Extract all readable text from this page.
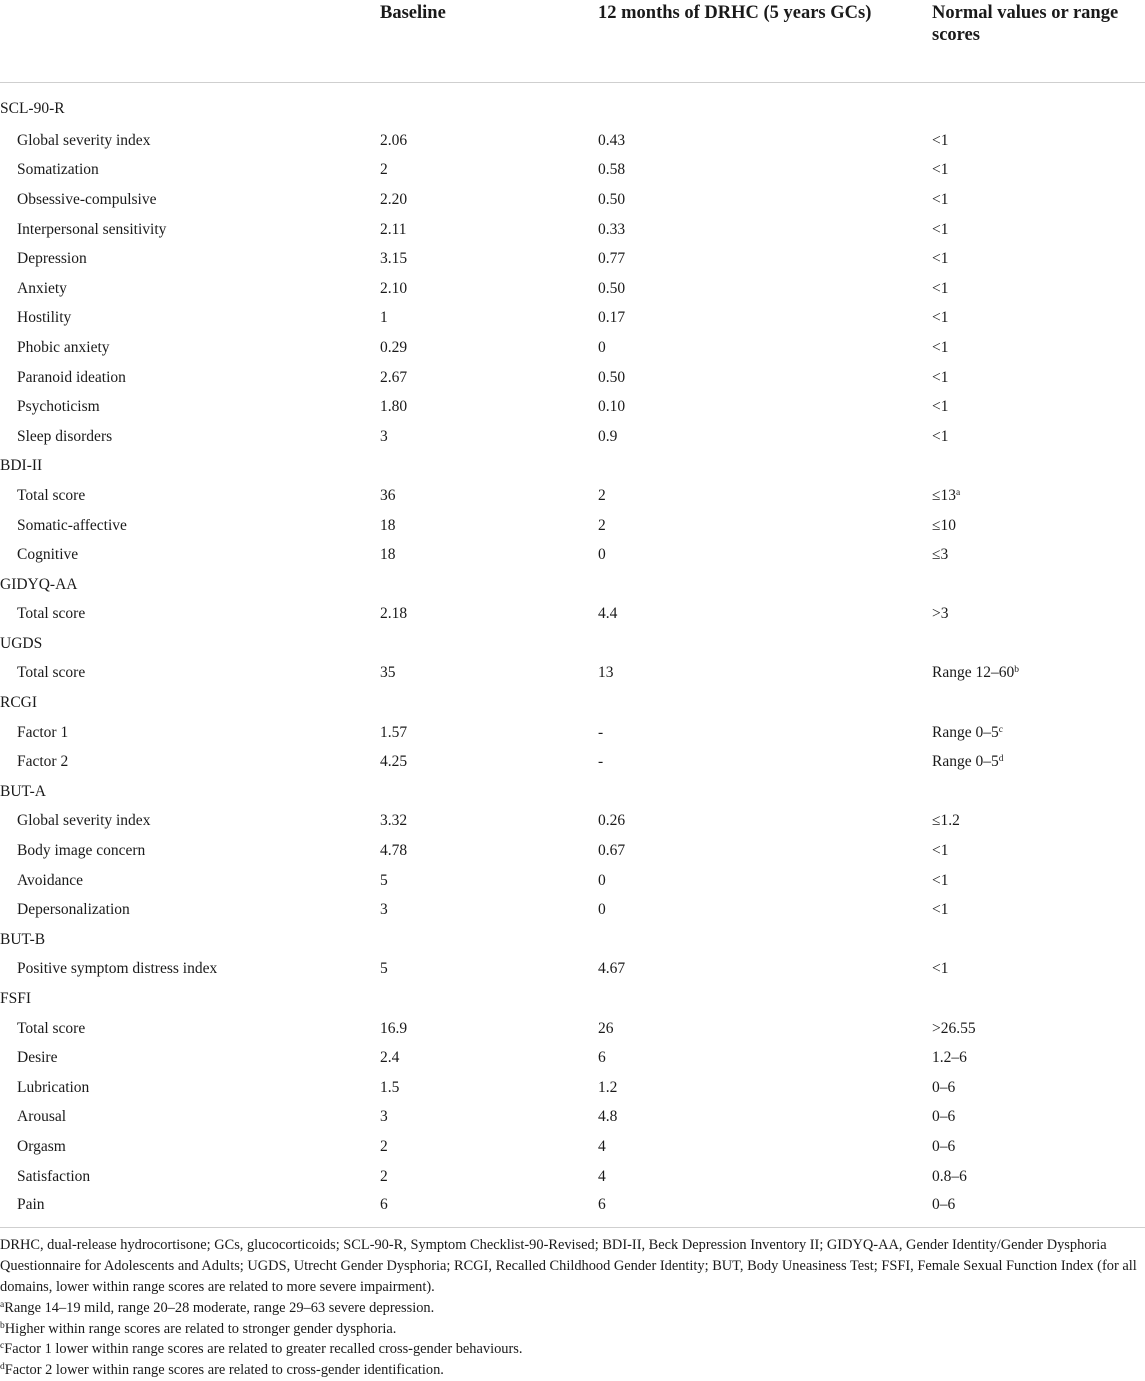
	Baseline	12 months of DRHC (5 years GCs)	Normal values or range scores
SCL-90-R			
Global severity index	2.06	0.43	<1
Somatization	2	0.58	<1
Obsessive-compulsive	2.20	0.50	<1
Interpersonal sensitivity	2.11	0.33	<1
Depression	3.15	0.77	<1
Anxiety	2.10	0.50	<1
Hostility	1	0.17	<1
Phobic anxiety	0.29	0	<1
Paranoid ideation	2.67	0.50	<1
Psychoticism	1.80	0.10	<1
Sleep disorders	3	0.9	<1
BDI-II			
Total score	36	2	$\le 13^a$
Somatic-affective	18	2	≤10
Cognitive	18	0	≤3
GIDYQ-AA			
Total score	2.18	4.4	>3
UGDS			
Total score	35	13	Range 12–60$^b$
RCGI			
Factor 1	1.57	-	Range 0–5$^c$
Factor 2	4.25	-	Range 0–5$^d$
BUT-A			
Global severity index	3.32	0.26	≤1.2
Body image concern	4.78	0.67	<1
Avoidance	5	0	<1
Depersonalization	3	0	<1
BUT-B			
Positive symptom distress index	5	4.67	<1
FSFI			
Total score	16.9	26	>26.55
Desire	2.4	6	1.2–6
Lubrication	1.5	1.2	0–6
Arousal	3	4.8	0–6
Orgasm	2	4	0–6
Satisfaction	2	4	0.8–6
Pain	6	6	0–6

DRHC, dual-release hydrocortisone; GCs, glucocorticoids; SCL-90-R, Symptom Checklist-90-Revised; BDI-II, Beck Depression Inventory II; GIDYQ-AA, Gender Identity/Gender Dysphoria Questionnaire for Adolescents and Adults; UGDS, Utrecht Gender Dysphoria; RCGI, Recalled Childhood Gender Identity; BUT, Body Uneasiness Test; FSFI, Female Sexual Function Index (for all domains, lower within range scores are related to more severe impairment).

$^a$Range 14–19 mild, range 20–28 moderate, range 29–63 severe depression.

$^b$Higher within range scores are related to stronger gender dysphoria.

$^c$Factor 1 lower within range scores are related to greater recalled cross-gender behaviours.

$^d$Factor 2 lower within range scores are related to cross-gender identification.
